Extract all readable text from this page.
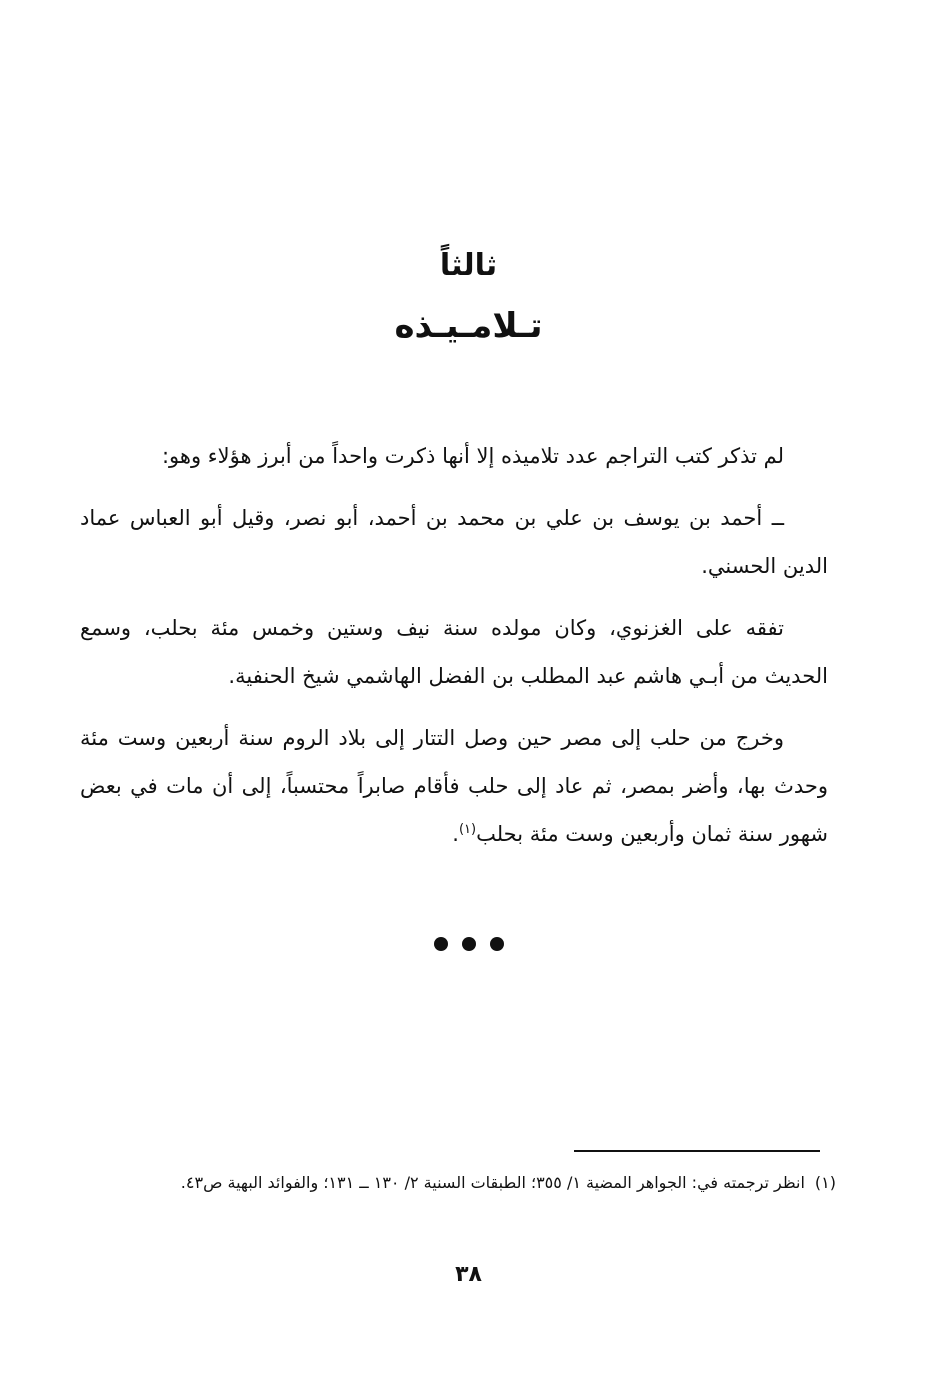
ثالثاً
تـلامـيـذه

لم تذكر كتب التراجم عدد تلاميذه إلا أنها ذكرت واحداً من أبرز هؤلاء وهو:

ــ أحمد بن يوسف بن علي بن محمد بن أحمد، أبو نصر، وقيل أبو العباس عماد الدين الحسني.

تفقه على الغزنوي، وكان مولده سنة نيف وستين وخمس مئة بحلب، وسمع الحديث من أبـي هاشم عبد المطلب بن الفضل الهاشمي شيخ الحنفية.

وخرج من حلب إلى مصر حين وصل التتار إلى بلاد الروم سنة أربعين وست مئة وحدث بها، وأضر بمصر، ثم عاد إلى حلب فأقام صابراً محتسباً، إلى أن مات في بعض شهور سنة ثمان وأربعين وست مئة بحلب$^{(١)}$.

(١)انظر ترجمته في: الجواهر المضية ١/ ٣٥٥؛ الطبقات السنية ٢/ ١٣٠ ــ ١٣١؛ والفوائد البهية ص٤٣.
٣٨
